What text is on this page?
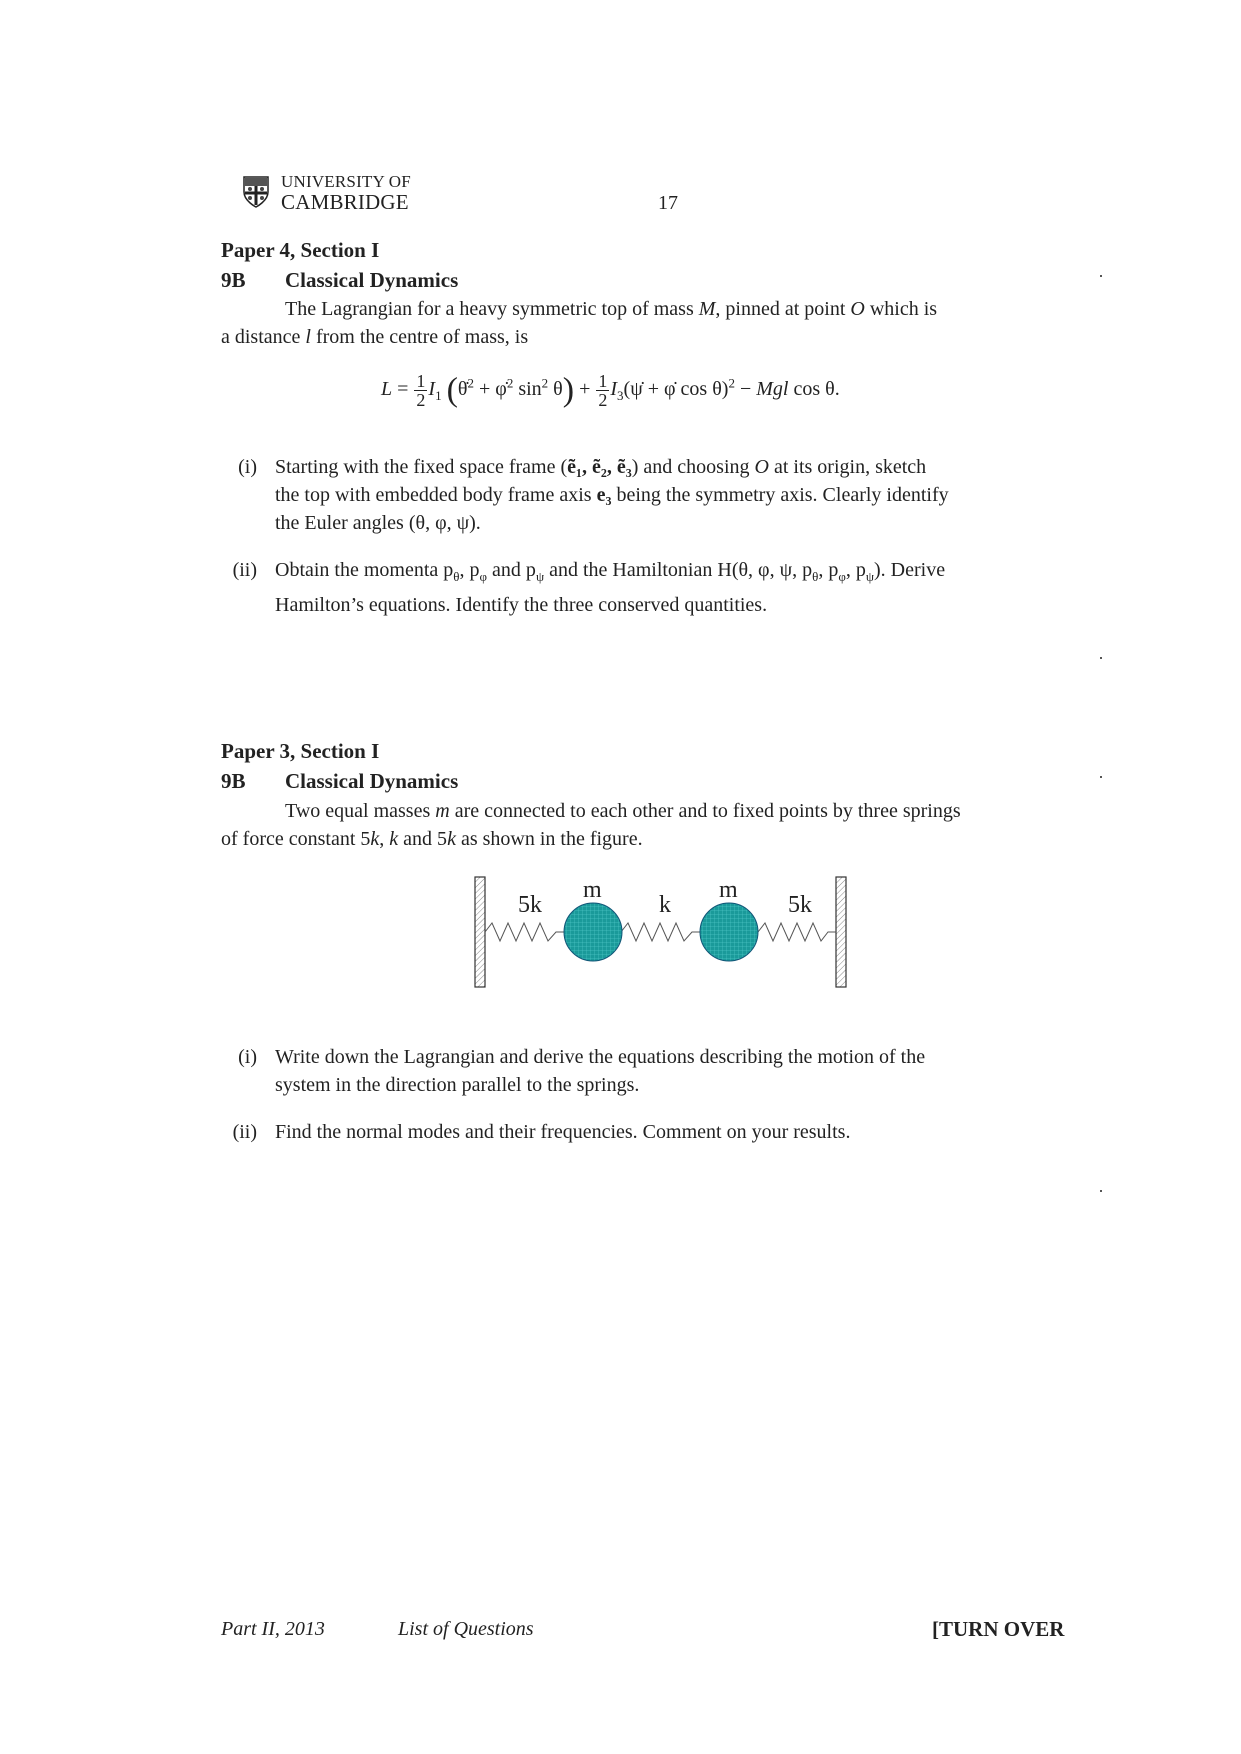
UNIVERSITY OF
CAMBRIDGE	17
Paper 4, Section I
9B Classical Dynamics
The Lagrangian for a heavy symmetric top of mass M, pinned at point O which is
a distance l from the centre of mass, is
$L = \frac{1}{2} I_1$ (θ̇$^2$ + φ̇$^2$ $\sin^2 \theta) + \frac{1}{2}$ $I_3(\psi̇$ + φ̇ cos θ)$^2$ − Mgl cos θ.
(i) Starting with the fixed space frame (ẽ₁, ẽ₂, ẽ₃) and choosing O at its origin, sketch
the top with embedded body frame axis e₃ being the symmetry axis. Clearly identify
the Euler angles (θ, φ, ψ).
(ii) Obtain the momenta $p_\theta$, $p_\varphi$ and $p_\psi$ and the Hamiltonian H(θ, φ, ψ, $p_\theta$, $p_\varphi$, $p_\psi$). Derive
Hamilton’s equations. Identify the three conserved quantities.
Paper 3, Section I
9B Classical Dynamics
Two equal masses m are connected to each other and to fixed points by three springs
of force constant 5k, k and 5k as shown in the figure.
5k
m
k
m
5k
(i) Write down the Lagrangian and derive the equations describing the motion of the
system in the direction parallel to the springs.
(ii) Find the normal modes and their frequencies. Comment on your results.
Part II, 2013	List of Questions	[TURN OVER
